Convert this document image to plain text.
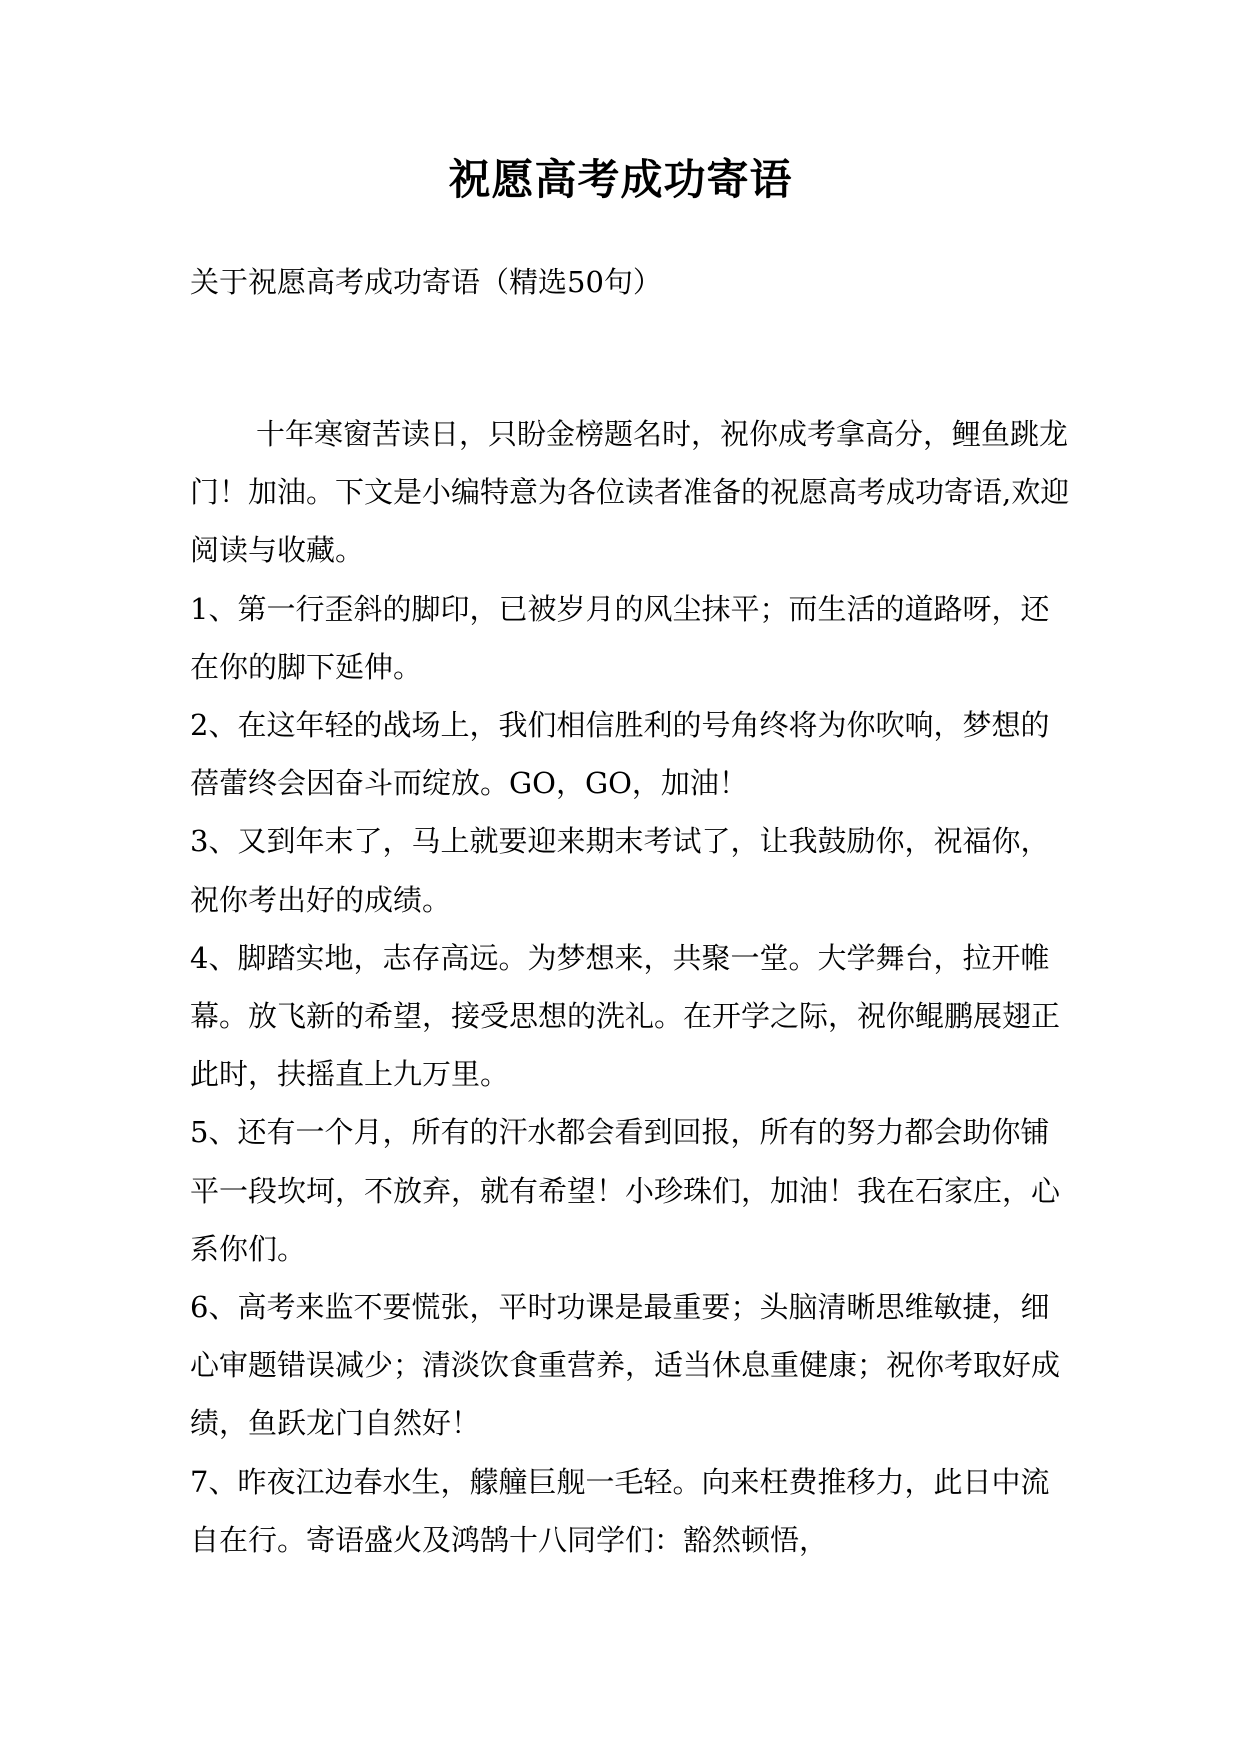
祝愿高考成功寄语
关于祝愿高考成功寄语（精选50句）

十年寒窗苦读日，只盼金榜题名时，祝你成考拿高分，鲤鱼跳龙门！加油。下文是小编特意为各位读者准备的祝愿高考成功寄语,欢迎阅读与收藏。

1、第一行歪斜的脚印，已被岁月的风尘抹平；而生活的道路呀，还在你的脚下延伸。

2、在这年轻的战场上，我们相信胜利的号角终将为你吹响，梦想的蓓蕾终会因奋斗而绽放。GO，GO，加油！

3、又到年末了，马上就要迎来期末考试了，让我鼓励你，祝福你，祝你考出好的成绩。

4、脚踏实地，志存高远。为梦想来，共聚一堂。大学舞台，拉开帷幕。放飞新的希望，接受思想的洗礼。在开学之际，祝你鲲鹏展翅正此时，扶摇直上九万里。

5、还有一个月，所有的汗水都会看到回报，所有的努力都会助你铺平一段坎坷，不放弃，就有希望！小珍珠们，加油！我在石家庄，心系你们。

6、高考来监不要慌张，平时功课是最重要；头脑清晰思维敏捷，细心审题错误减少；清淡饮食重营养，适当休息重健康；祝你考取好成绩，鱼跃龙门自然好！

7、昨夜江边春水生，艨艟巨舰一毛轻。向来枉费推移力，此日中流自在行。寄语盛火及鸿鹄十八同学们：豁然顿悟，
